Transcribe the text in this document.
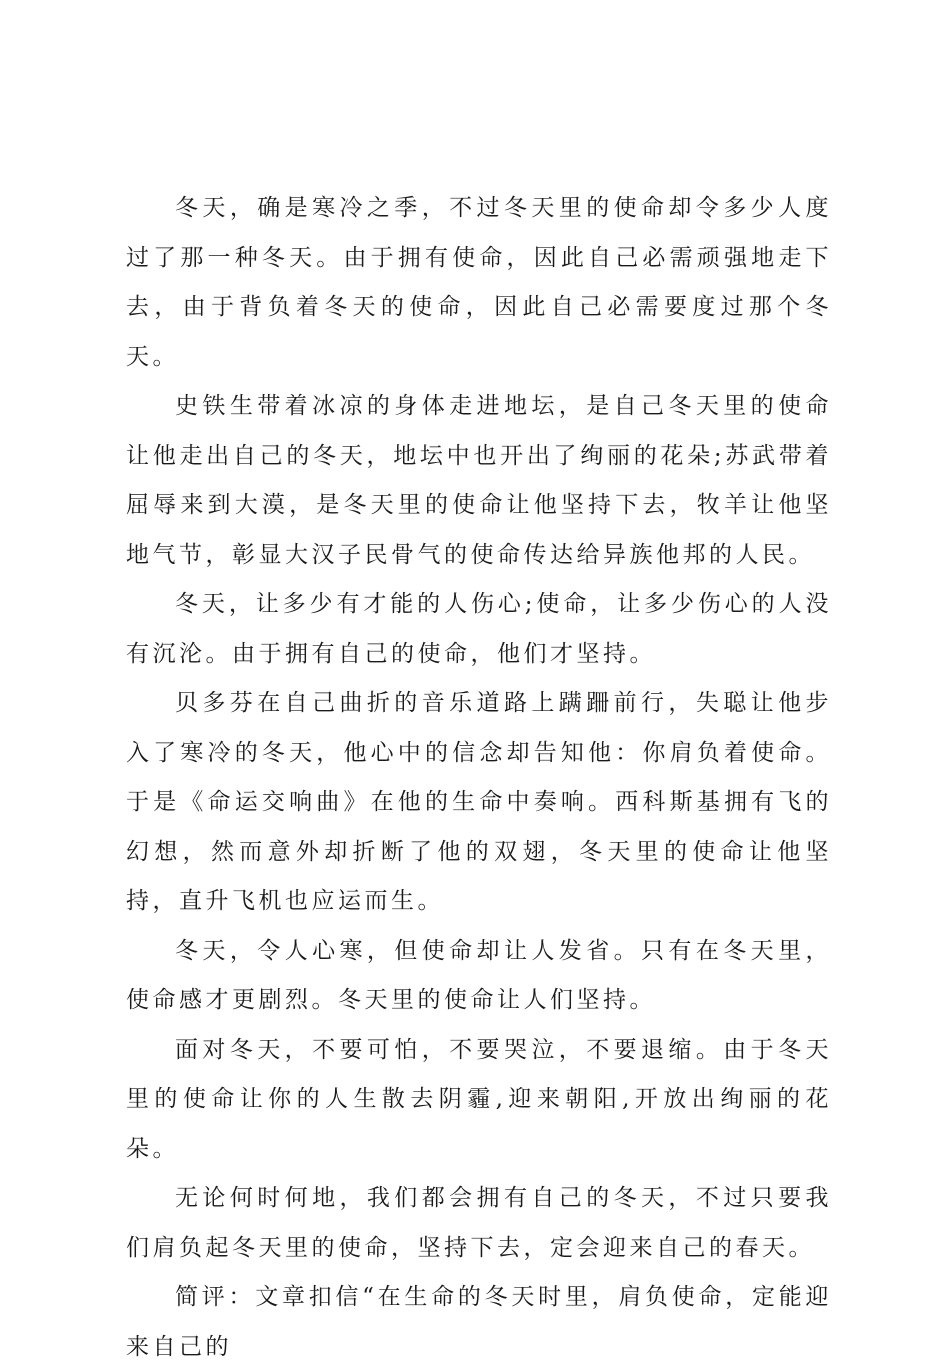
冬天，确是寒冷之季，不过冬天里的使命却令多少人度过了那一种冬天。由于拥有使命，因此自己必需顽强地走下去，由于背负着冬天的使命，因此自己必需要度过那个冬天。

史铁生带着冰凉的身体走进地坛，是自己冬天里的使命让他走出自己的冬天，地坛中也开出了绚丽的花朵;苏武带着屈辱来到大漠，是冬天里的使命让他坚持下去，牧羊让他坚地气节，彰显大汉子民骨气的使命传达给异族他邦的人民。

冬天，让多少有才能的人伤心;使命，让多少伤心的人没有沉沦。由于拥有自己的使命，他们才坚持。

贝多芬在自己曲折的音乐道路上蹒跚前行，失聪让他步入了寒冷的冬天，他心中的信念却告知他：你肩负着使命。于是《命运交响曲》在他的生命中奏响。西科斯基拥有飞的幻想，然而意外却折断了他的双翅，冬天里的使命让他坚持，直升飞机也应运而生。

冬天，令人心寒，但使命却让人发省。只有在冬天里，使命感才更剧烈。冬天里的使命让人们坚持。

面对冬天，不要可怕，不要哭泣，不要退缩。由于冬天里的使命让你的人生散去阴霾,迎来朝阳,开放出绚丽的花朵。

无论何时何地，我们都会拥有自己的冬天，不过只要我们肩负起冬天里的使命，坚持下去，定会迎来自己的春天。

简评：文章扣信“在生命的冬天时里，肩负使命，定能迎来自己的
